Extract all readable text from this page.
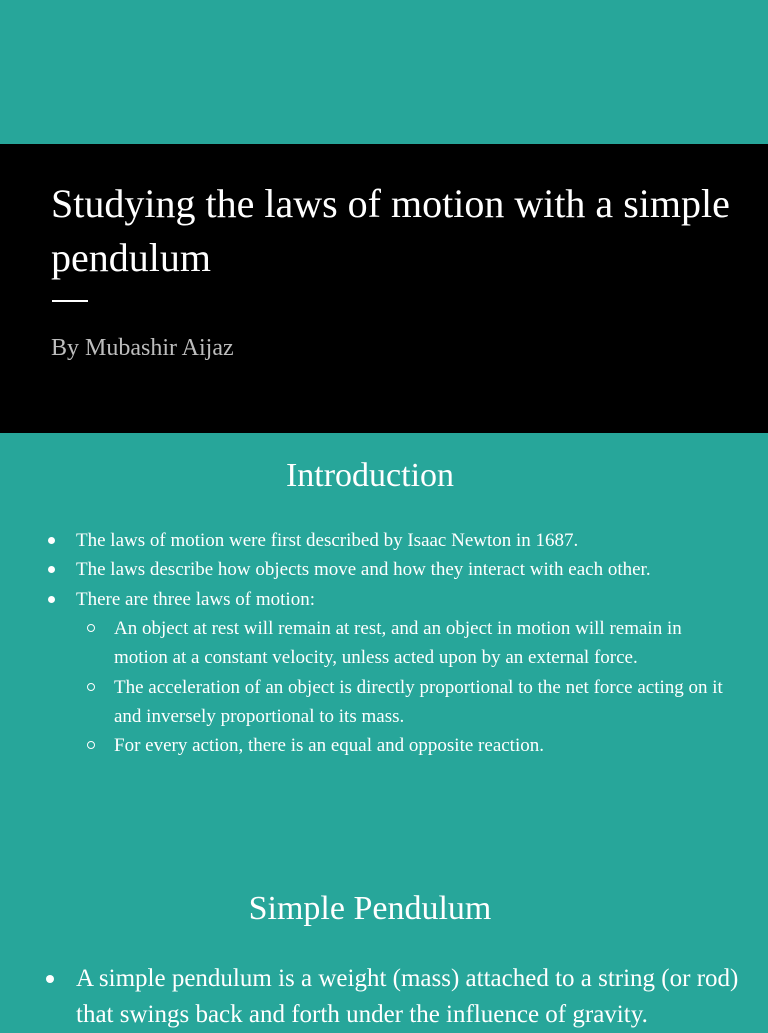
Studying the laws of motion with a simple pendulum
By Mubashir Aijaz
Introduction
The laws of motion were first described by Isaac Newton in 1687.
The laws describe how objects move and how they interact with each other.
There are three laws of motion:
An object at rest will remain at rest, and an object in motion will remain in motion at a constant velocity, unless acted upon by an external force.
The acceleration of an object is directly proportional to the net force acting on it and inversely proportional to its mass.
For every action, there is an equal and opposite reaction.
Simple Pendulum
A simple pendulum is a weight (mass) attached to a string (or rod) that swings back and forth under the influence of gravity.
